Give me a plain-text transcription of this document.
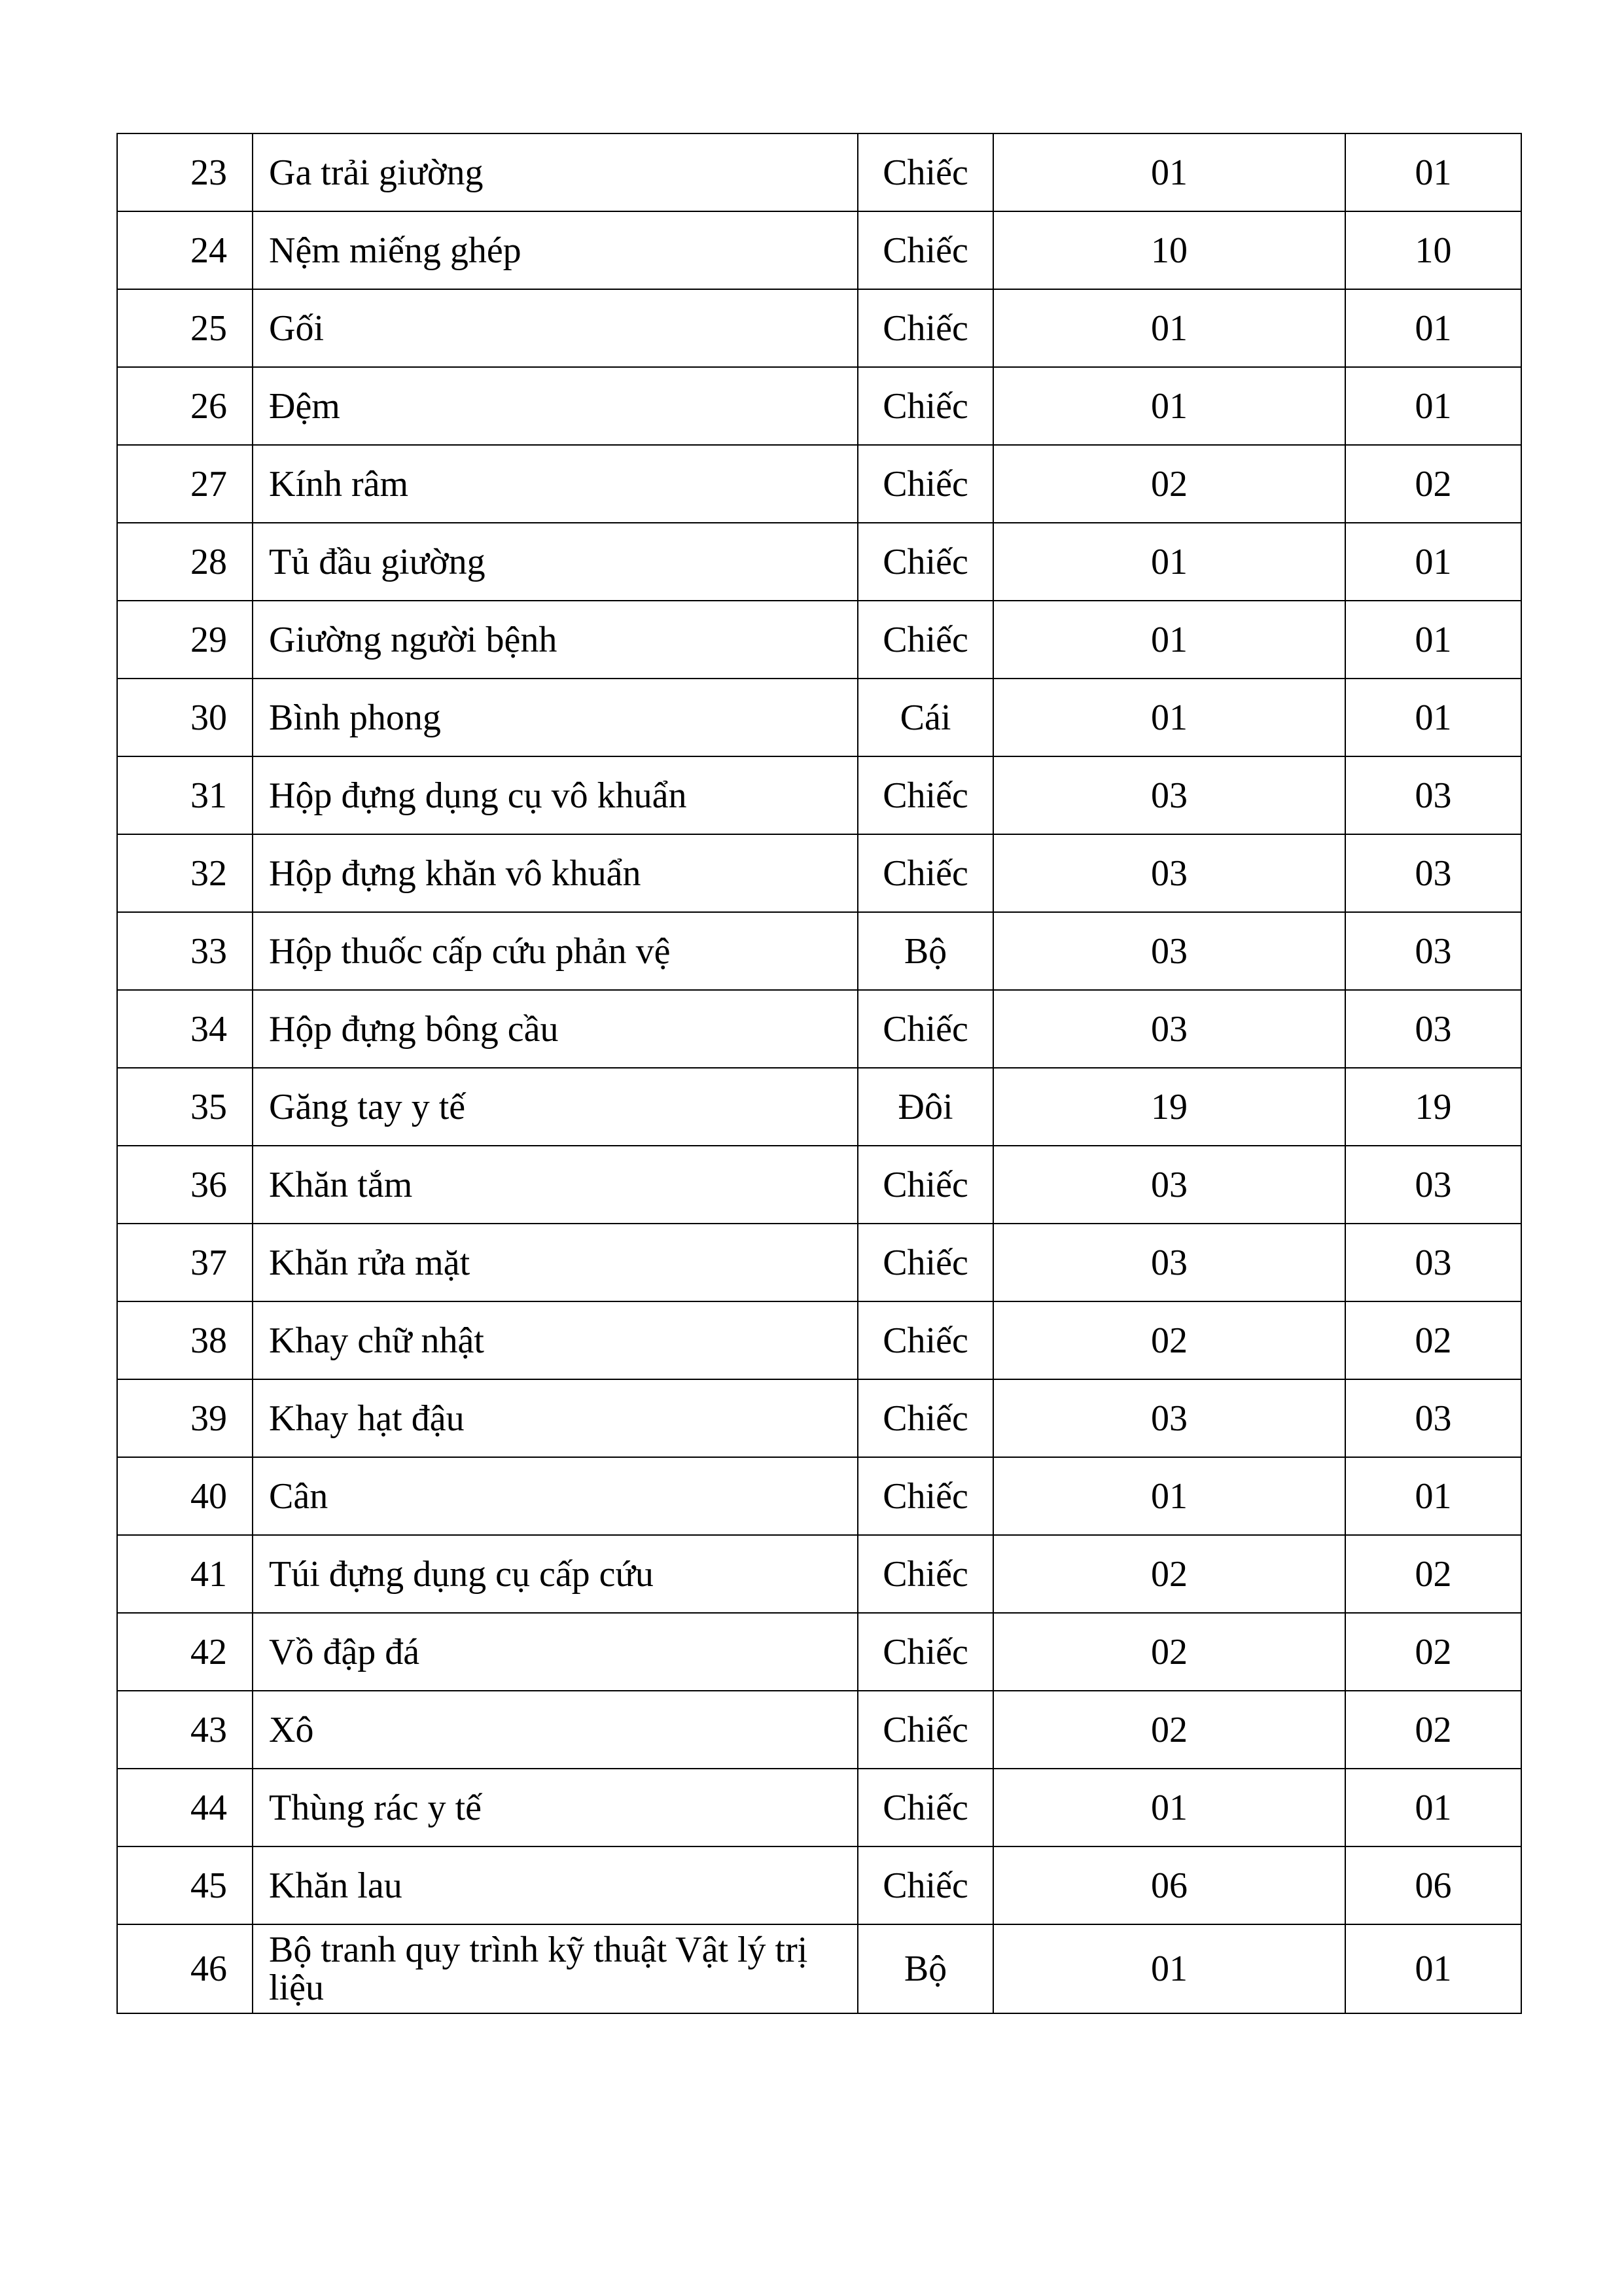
23	Ga trải giường	Chiếc	01	01
24	Nệm miếng ghép	Chiếc	10	10
25	Gối	Chiếc	01	01
26	Đệm	Chiếc	01	01
27	Kính râm	Chiếc	02	02
28	Tủ đầu giường	Chiếc	01	01
29	Giường người bệnh	Chiếc	01	01
30	Bình phong	Cái	01	01
31	Hộp đựng dụng cụ vô khuẩn	Chiếc	03	03
32	Hộp đựng khăn vô khuẩn	Chiếc	03	03
33	Hộp thuốc cấp cứu phản vệ	Bộ	03	03
34	Hộp đựng bông cầu	Chiếc	03	03
35	Găng tay y tế	Đôi	19	19
36	Khăn tắm	Chiếc	03	03
37	Khăn rửa mặt	Chiếc	03	03
38	Khay chữ nhật	Chiếc	02	02
39	Khay hạt đậu	Chiếc	03	03
40	Cân	Chiếc	01	01
41	Túi đựng dụng cụ cấp cứu	Chiếc	02	02
42	Vồ đập đá	Chiếc	02	02
43	Xô	Chiếc	02	02
44	Thùng rác y tế	Chiếc	01	01
45	Khăn lau	Chiếc	06	06
46	Bộ tranh quy trình kỹ thuật Vật lý trị liệu	Bộ	01	01
